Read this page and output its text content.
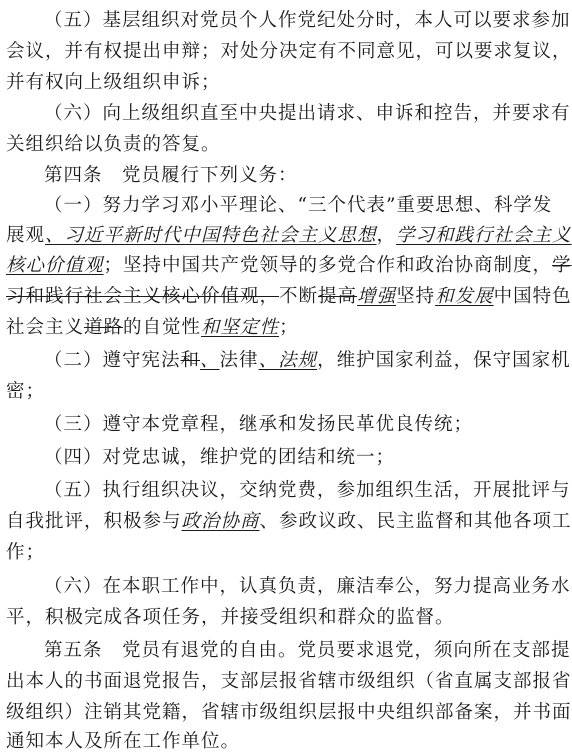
（五）基层组织对党员个人作党纪处分时，本人可以要求参加
会议，并有权提出申辩；对处分决定有不同意见，可以要求复议，
并有权向上级组织申诉；
（六）向上级组织直至中央提出请求、申诉和控告，并要求有
关组织给以负责的答复。
第四条　党员履行下列义务：
（一）努力学习邓小平理论、“三个代表”重要思想、科学发
展观、习近平新时代中国特色社会主义思想，学习和践行社会主义
核心价值观；坚持中国共产党领导的多党合作和政治协商制度，学
习和践行社会主义核心价值观，不断提高增强坚持和发展中国特色
社会主义道路的自觉性和坚定性；
（二）遵守宪法和、法律、法规，维护国家利益，保守国家机
密；
（三）遵守本党章程，继承和发扬民革优良传统；
（四）对党忠诚，维护党的团结和统一；
（五）执行组织决议，交纳党费，参加组织生活，开展批评与
自我批评，积极参与政治协商、参政议政、民主监督和其他各项工
作；
（六）在本职工作中，认真负责，廉洁奉公，努力提高业务水
平，积极完成各项任务，并接受组织和群众的监督。
第五条　党员有退党的自由。党员要求退党，须向所在支部提
出本人的书面退党报告，支部层报省辖市级组织（省直属支部报省
级组织）注销其党籍，省辖市级组织层报中央组织部备案，并书面
通知本人及所在工作单位。
